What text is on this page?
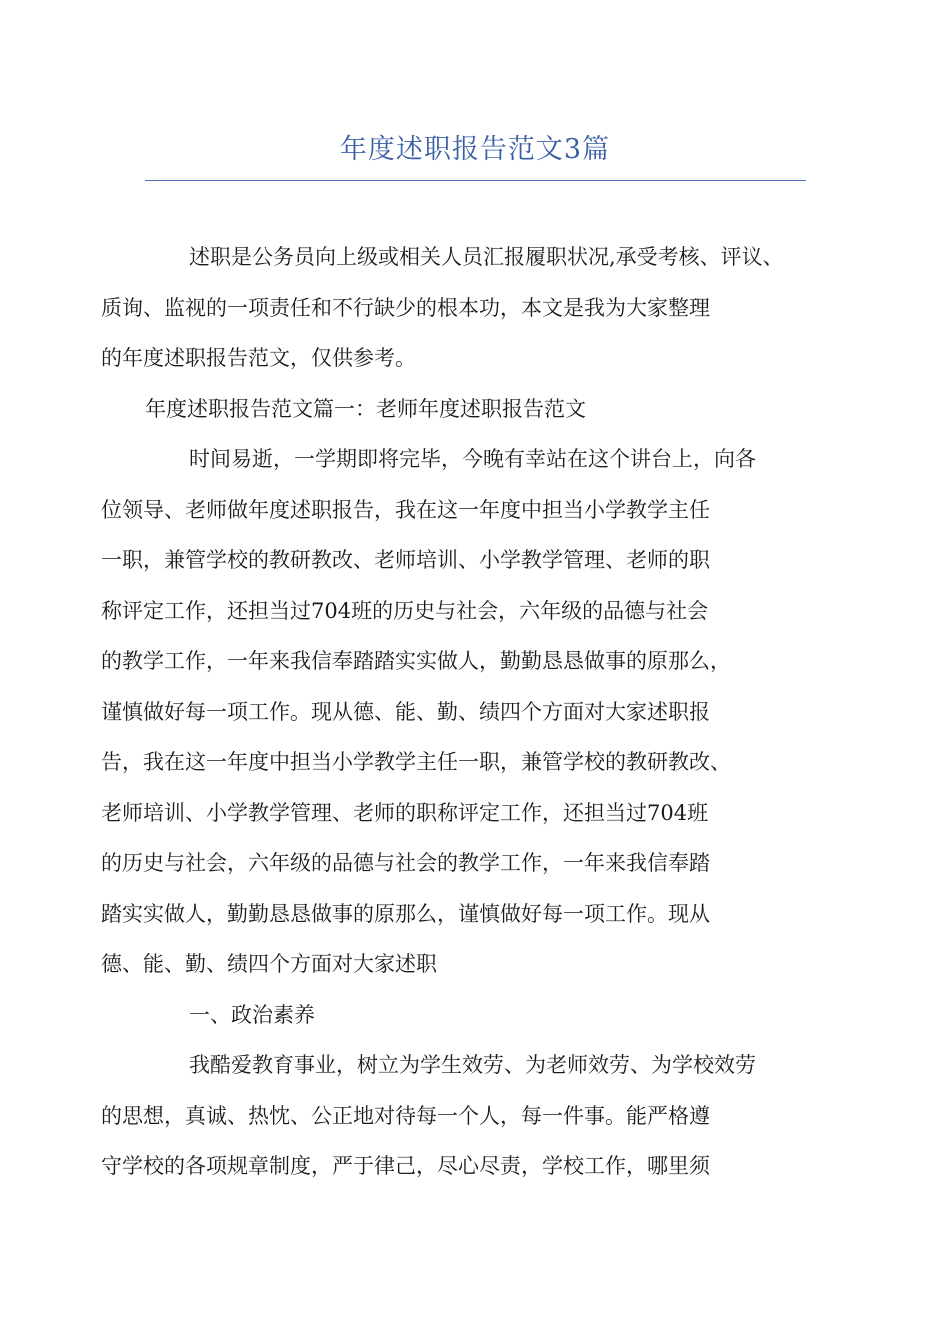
年度述职报告范文3篇

述职是公务员向上级或相关人员汇报履职状况,承受考核、评议、
质询、监视的一项责任和不行缺少的根本功，本文是我为大家整理
的年度述职报告范文，仅供参考。

年度述职报告范文篇一：老师年度述职报告范文

时间易逝，一学期即将完毕，今晚有幸站在这个讲台上，向各
位领导、老师做年度述职报告，我在这一年度中担当小学教学主任
一职，兼管学校的教研教改、老师培训、小学教学管理、老师的职
称评定工作，还担当过704班的历史与社会，六年级的品德与社会
的教学工作，一年来我信奉踏踏实实做人，勤勤恳恳做事的原那么，
谨慎做好每一项工作。现从德、能、勤、绩四个方面对大家述职报
告，我在这一年度中担当小学教学主任一职，兼管学校的教研教改、
老师培训、小学教学管理、老师的职称评定工作，还担当过704班
的历史与社会，六年级的品德与社会的教学工作，一年来我信奉踏
踏实实做人，勤勤恳恳做事的原那么，谨慎做好每一项工作。现从
德、能、勤、绩四个方面对大家述职

一、政治素养

我酷爱教育事业，树立为学生效劳、为老师效劳、为学校效劳
的思想，真诚、热忱、公正地对待每一个人，每一件事。能严格遵
守学校的各项规章制度，严于律己，尽心尽责，学校工作，哪里须
